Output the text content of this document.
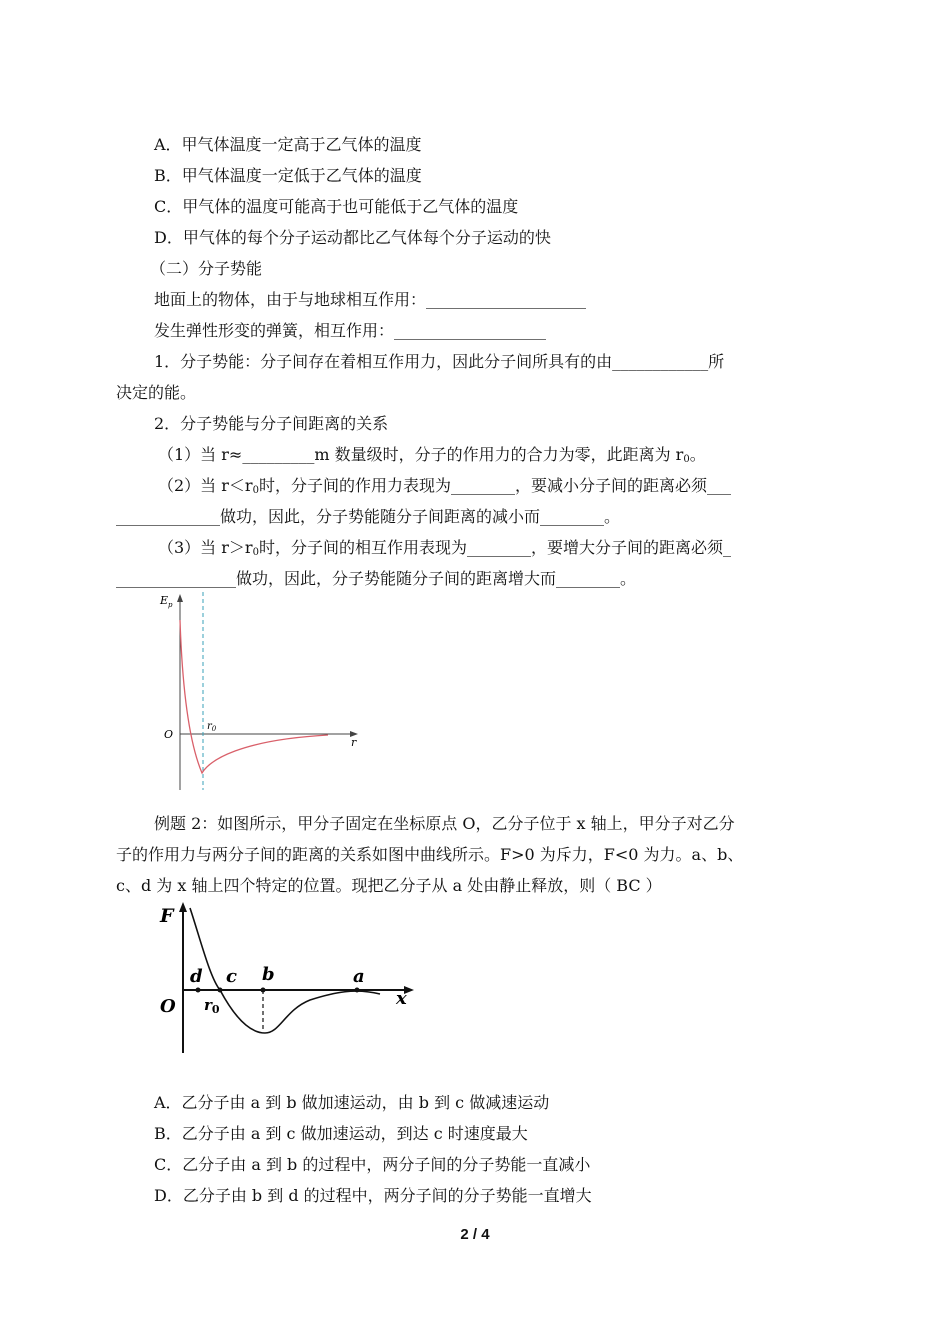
A．甲气体温度一定高于乙气体的温度
B．甲气体温度一定低于乙气体的温度
C．甲气体的温度可能高于也可能低于乙气体的温度
D．甲气体的每个分子运动都比乙气体每个分子运动的快
（二）分子势能
地面上的物体，由于与地球相互作用：____________________
发生弹性形变的弹簧，相互作用：___________________
1．分子势能：分子间存在着相互作用力，因此分子间所具有的由____________所
决定的能。
2．分子势能与分子间距离的关系
（1）当 r≈_________m 数量级时，分子的作用力的合力为零，此距离为 $r_0$。
（2）当 $r<r_0$时，分子间的作用力表现为________，要减小分子间的距离必须___
_____________做功，因此，分子势能随分子间距离的减小而________。
（3）当 $r>r_0$时，分子间的相互作用表现为________，要增大分子间的距离必须_
_______________做功，因此，分子势能随分子间的距离增大而________。
$E_p$
O
$r_0$
r
例题 2：如图所示，甲分子固定在坐标原点 O，乙分子位于 x 轴上，甲分子对乙分
子的作用力与两分子间的距离的关系如图中曲线所示。F>0 为斥力，F<0 为力。a、b、
c、d 为 x 轴上四个特定的位置。现把乙分子从 a 处由静止释放，则（ BC ）
F
O
d c b	a
$r_0$
x
A．乙分子由 a 到 b 做加速运动，由 b 到 c 做减速运动
B．乙分子由 a 到 c 做加速运动，到达 c 时速度最大
C．乙分子由 a 到 b 的过程中，两分子间的分子势能一直减小
D．乙分子由 b 到 d 的过程中，两分子间的分子势能一直增大
2 / 4
